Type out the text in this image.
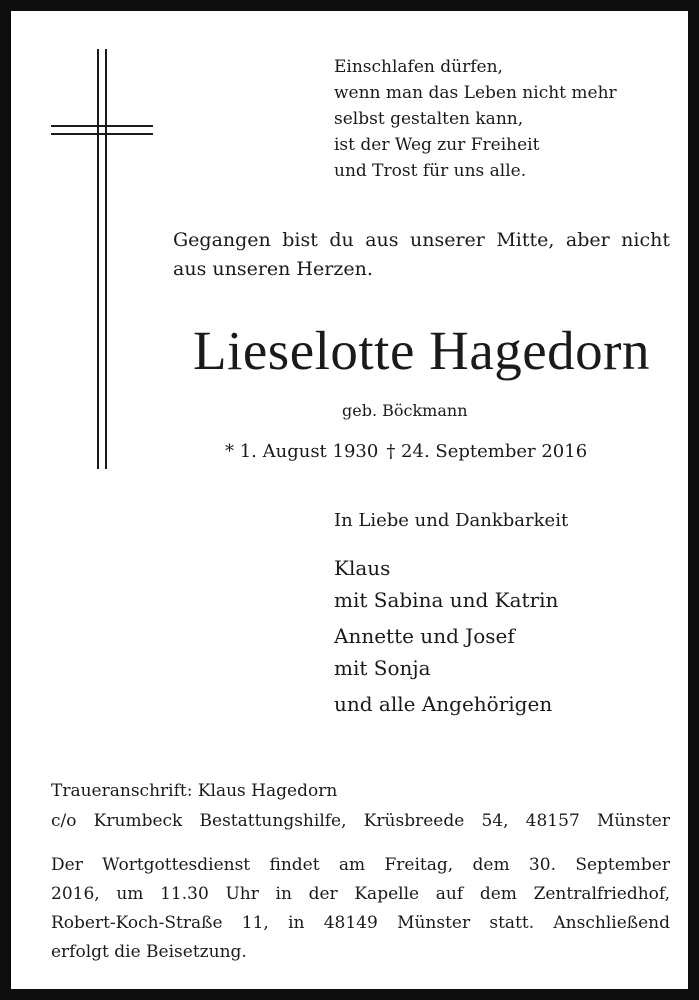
Einschlafen dürfen,
wenn man das Leben nicht mehr
selbst gestalten kann,
ist der Weg zur Freiheit
und Trost für uns alle.

Gegangen bist du aus unserer Mitte, aber nicht aus unseren Herzen.

Lieselotte Hagedorn
geb. Böckmann
* 1. August 1930 † 24. September 2016
In Liebe und Dankbarkeit
Klaus
mit Sabina und Katrin
Annette und Josef
mit Sonja
und alle Angehörigen
Traueranschrift: Klaus Hagedorn
c/o Krumbeck Bestattungshilfe, Krüsbreede 54, 48157 Münster
Der Wortgottesdienst findet am Freitag, dem 30. September
2016, um 11.30 Uhr in der Kapelle auf dem Zentralfriedhof,
Robert-Koch-Straße 11, in 48149 Münster statt. Anschließend
erfolgt die Beisetzung.
